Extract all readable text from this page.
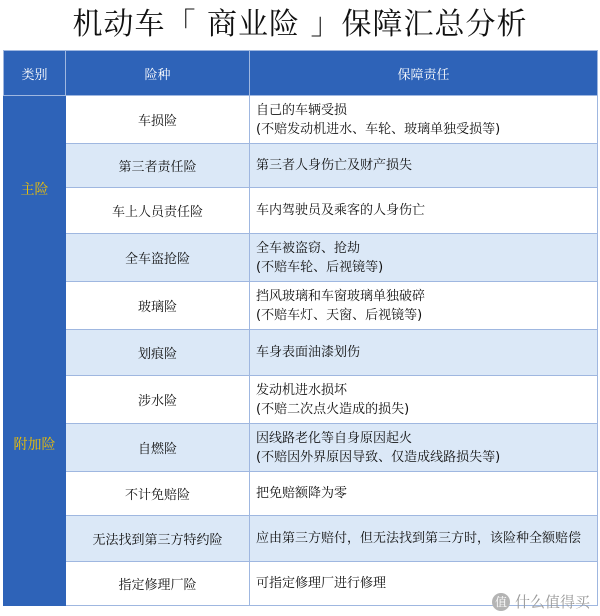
机动车「 商业险 」保障汇总分析
类别	险种	保障责任
主险	车损险	自己的车辆受损
(不赔发动机进水、车轮、玻璃单独受损等)

	第三者责任险	第三者人身伤亡及财产损失

	车上人员责任险	车内驾驶员及乘客的人身伤亡

	全车盗抢险	全车被盗窃、抢劫
(不赔车轮、后视镜等)

附加险	玻璃险	挡风玻璃和车窗玻璃单独破碎
(不赔车灯、天窗、后视镜等)

	划痕险	车身表面油漆划伤

	涉水险	发动机进水损坏
(不赔二次点火造成的损失)

	自燃险	因线路老化等自身原因起火
(不赔因外界原因导致、仅造成线路损失等)

	不计免赔险	把免赔额降为零

	无法找到第三方特约险	应由第三方赔付，但无法找到第三方时，该险种全额赔偿

	指定修理厂险	可指定修理厂进行修理
值 什么值得买
